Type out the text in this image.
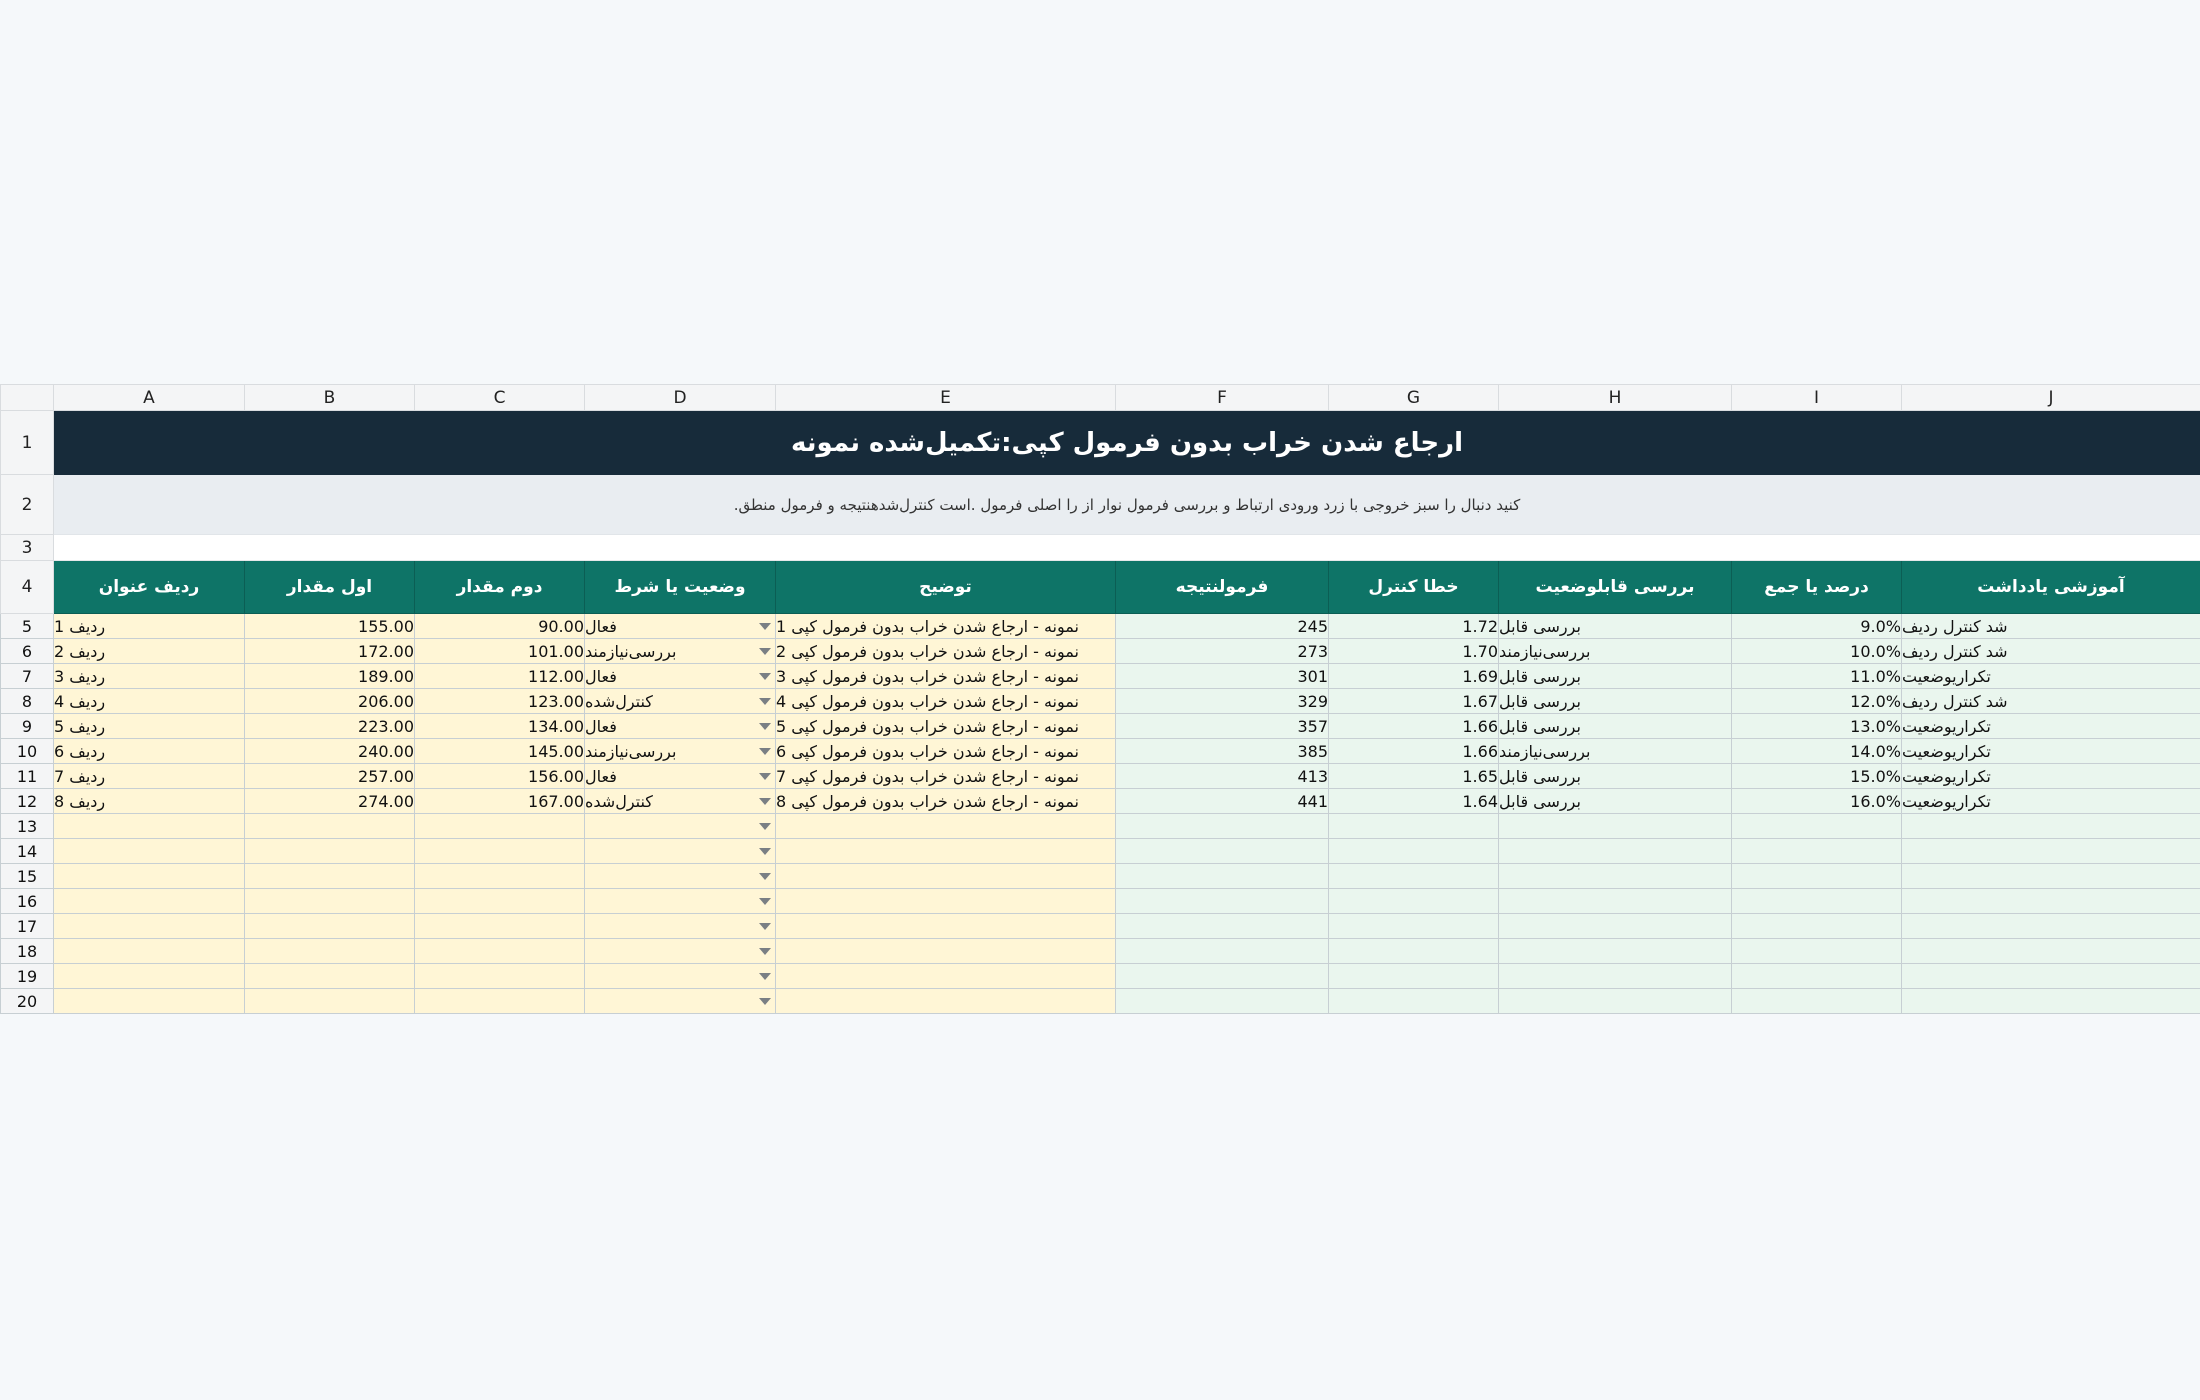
	A	B	C	D	E	F	G	H	I	J
1	ارجاع شدن خراب بدون فرمول کپی:تکمیل‌شده نمونه									
2	.کنید دنبال را سبز خروجی با زرد ورودی ارتباط و بررسی فرمول نوار از را اصلی فرمول .است کنترل‌شدهنتیجه و فرمول منطق									
3										
4	ردیف عنوان	اول مقدار	دوم مقدار	وضعیت یا شرط	توضیح	فرمولنتیجه	خطا کنترل	بررسی قابلوضعیت	درصد یا جمع	آموزشی یادداشت
5	1 ردیف	155.00	90.00	فعال	1 نمونه - ارجاع شدن خراب بدون فرمول کپی	245	1.72	بررسی قابل	9.0%	شد کنترل ردیف
6	2 ردیف	172.00	101.00	بررسی‌نیازمند	2 نمونه - ارجاع شدن خراب بدون فرمول کپی	273	1.70	بررسی‌نیازمند	10.0%	شد کنترل ردیف
7	3 ردیف	189.00	112.00	فعال	3 نمونه - ارجاع شدن خراب بدون فرمول کپی	301	1.69	بررسی قابل	11.0%	تکراریوضعیت
8	4 ردیف	206.00	123.00	کنترل‌شده	4 نمونه - ارجاع شدن خراب بدون فرمول کپی	329	1.67	بررسی قابل	12.0%	شد کنترل ردیف
9	5 ردیف	223.00	134.00	فعال	5 نمونه - ارجاع شدن خراب بدون فرمول کپی	357	1.66	بررسی قابل	13.0%	تکراریوضعیت
10	6 ردیف	240.00	145.00	بررسی‌نیازمند	6 نمونه - ارجاع شدن خراب بدون فرمول کپی	385	1.66	بررسی‌نیازمند	14.0%	تکراریوضعیت
11	7 ردیف	257.00	156.00	فعال	7 نمونه - ارجاع شدن خراب بدون فرمول کپی	413	1.65	بررسی قابل	15.0%	تکراریوضعیت
12	8 ردیف	274.00	167.00	کنترل‌شده	8 نمونه - ارجاع شدن خراب بدون فرمول کپی	441	1.64	بررسی قابل	16.0%	تکراریوضعیت
13				

14				

15				

16				

17				

18				

19				

20				
